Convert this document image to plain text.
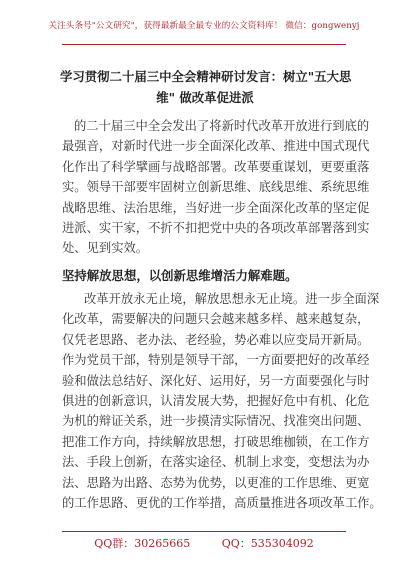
关注头条号"公文研究"，获得最新最全最专业的公文资料库！ 微信：gongwenyj
学习贯彻二十届三中全会精神研讨发言：树立"五大思
维" 做改革促进派
的二十届三中全会发出了将新时代改革开放进行到底的
最强音，对新时代进一步全面深化改革、推进中国式现代
化作出了科学擘画与战略部署。改革要重谋划，更要重落
实。领导干部要牢固树立创新思维、底线思维、系统思维
战略思维、法治思维，当好进一步全面深化改革的坚定促
进派、实干家，不折不扣把党中央的各项改革部署落到实
处、见到实效。
坚持解放思想，以创新思维增活力解难题。
改革开放永无止境，解放思想永无止境。进一步全面深
化改革，需要解决的问题只会越来越多样、越来越复杂，
仅凭老思路、老办法、老经验，势必难以应变局开新局。
作为党员干部，特别是领导干部，一方面要把好的改革经
验和做法总结好、深化好、运用好，另一方面要强化与时
俱进的创新意识，认清发展大势，把握好危中有机、化危
为机的辩证关系，进一步摸清实际情况、找准突出问题、
把准工作方向，持续解放思想，打破思维枷锁，在工作方
法、手段上创新，在落实途径、机制上求变，变想法为办
法、思路为出路、态势为优势，以更准的工作思维、更宽
的工作思路、更优的工作举措，高质量推进各项改革工作。
QQ群：30265665	QQ：535304092
